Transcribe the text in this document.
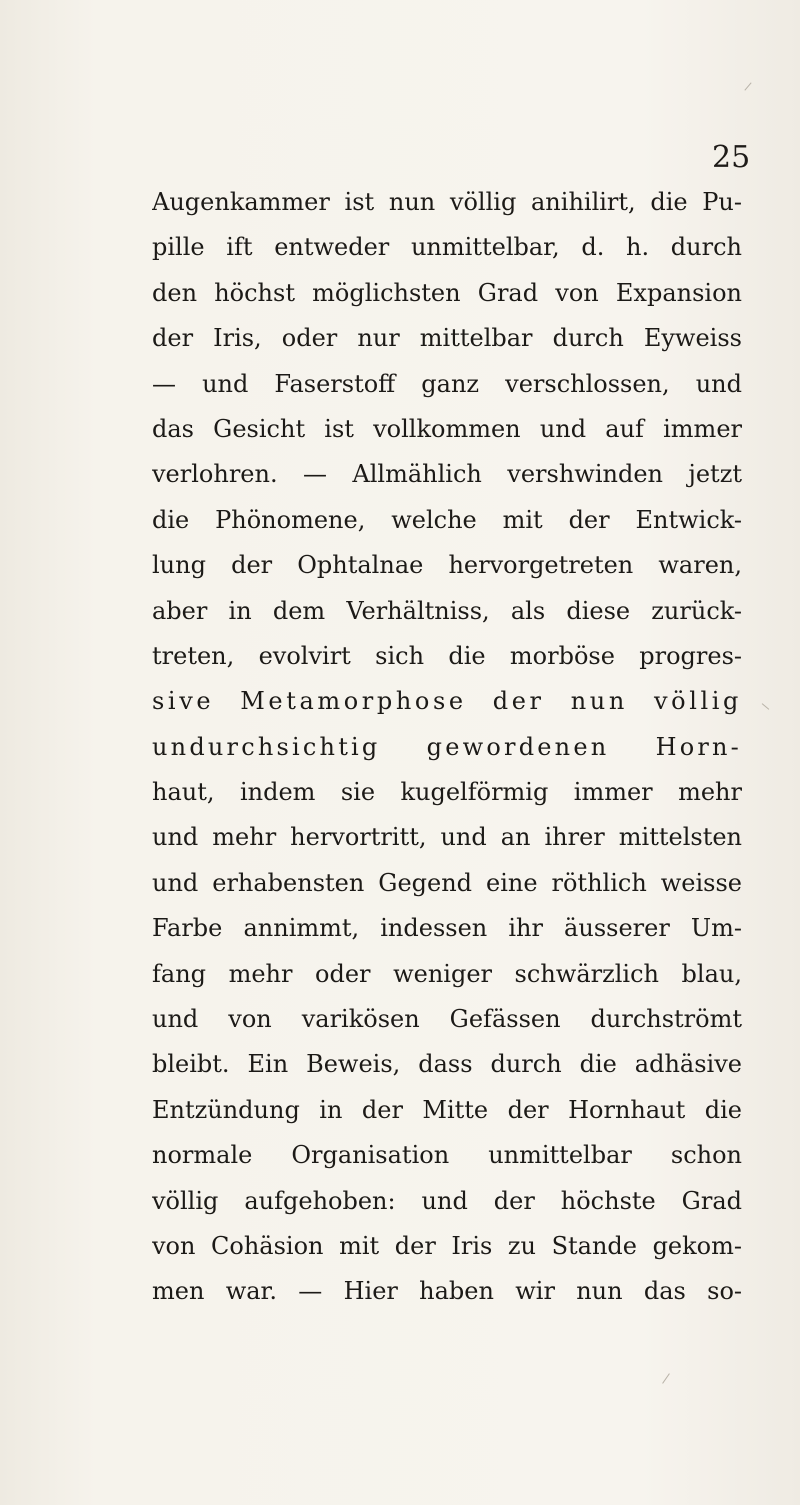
25
Augenkammer ist nun völlig anihilirt, die Pu-
pille ift entweder unmittelbar, d. h. durch
den höchst möglichsten Grad von Expansion
der Iris, oder nur mittelbar durch Eyweiss
— und Faserstoff ganz verschlossen, und
das Gesicht ist vollkommen und auf immer
verlohren. — Allmählich vershwinden jetzt
die Phönomene, welche mit der Entwick-
lung der Ophtalnae hervorgetreten waren,
aber in dem Verhältniss, als diese zurück-
treten, evolvirt sich die morböse progres-
sive Metamorphose der nun völlig
undurchsichtig gewordenen Horn-
haut, indem sie kugelförmig immer mehr
und mehr hervortritt, und an ihrer mittelsten
und erhabensten Gegend eine röthlich weisse
Farbe annimmt, indessen ihr äusserer Um-
fang mehr oder weniger schwärzlich blau,
und von varikösen Gefässen durchströmt
bleibt. Ein Beweis, dass durch die adhäsive
Entzündung in der Mitte der Hornhaut die
normale Organisation unmittelbar schon
völlig aufgehoben: und der höchste Grad
von Cohäsion mit der Iris zu Stande gekom-
men war. — Hier haben wir nun das so-
